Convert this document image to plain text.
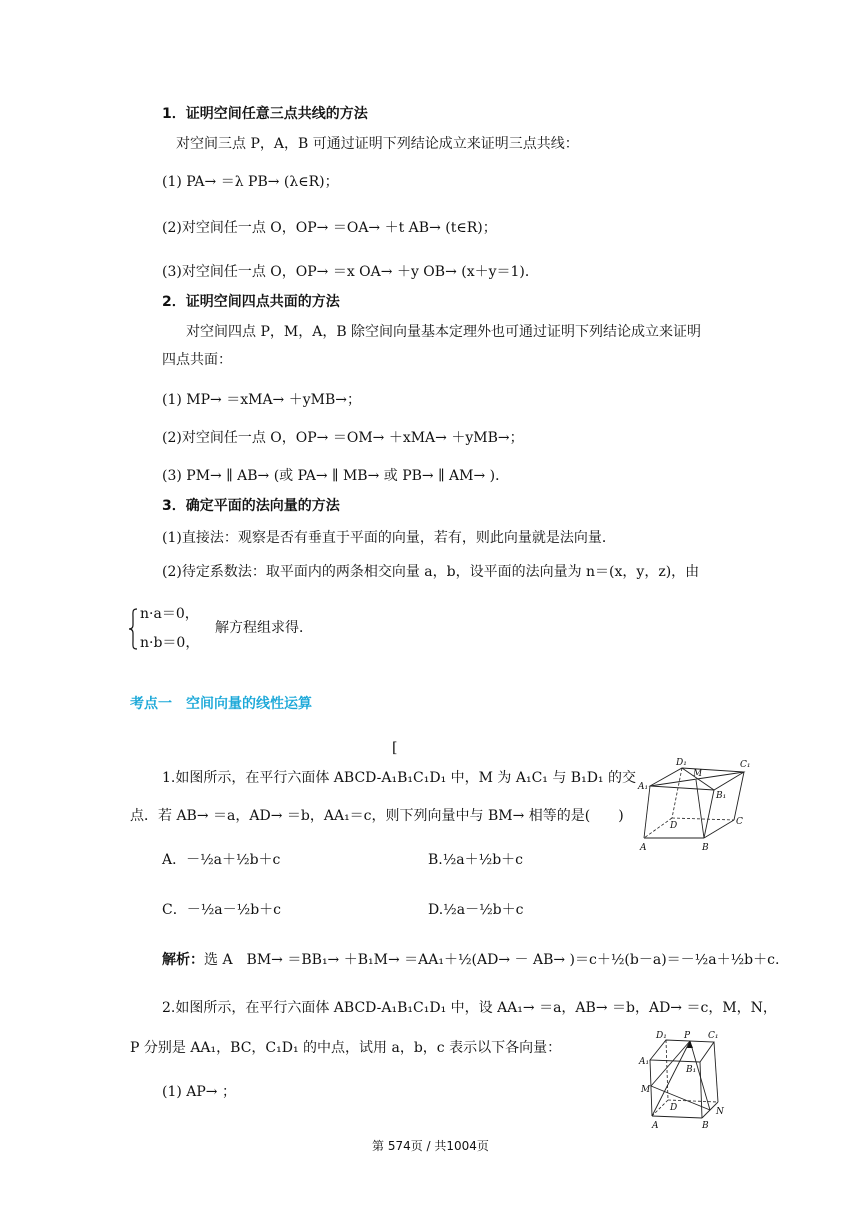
1．证明空间任意三点共线的方法
对空间三点 P，A，B 可通过证明下列结论成立来证明三点共线：
(1) PA→ ＝λ PB→ (λ∈R)；
(2)对空间任一点 O，OP→ ＝OA→ ＋t AB→ (t∈R)；
(3)对空间任一点 O，OP→ ＝x OA→ ＋y OB→ (x＋y＝1)．
2．证明空间四点共面的方法
对空间四点 P，M，A，B 除空间向量基本定理外也可通过证明下列结论成立来证明
四点共面：
(1) MP→ ＝xMA→ ＋yMB→；
(2)对空间任一点 O，OP→ ＝OM→ ＋xMA→ ＋yMB→；
(3) PM→ ∥ AB→ (或 PA→ ∥ MB→ 或 PB→ ∥ AM→ )．
3．确定平面的法向量的方法
(1)直接法：观察是否有垂直于平面的向量，若有，则此向量就是法向量．
(2)待定系数法：取平面内的两条相交向量 a，b，设平面的法向量为 n＝(x，y，z)，由
n·a＝0，
n·b＝0，
解方程组求得．
考点一　空间向量的线性运算
[
1.如图所示，在平行六面体 ABCD-A₁B₁C₁D₁ 中，M 为 A₁C₁ 与 B₁D₁ 的交
点．若 AB→ ＝a，AD→ ＝b，AA₁＝c，则下列向量中与 BM→ 相等的是(　　)
A．－½a＋½b＋c	B.½a＋½b＋c
C．－½a－½b＋c	D.½a－½b＋c
解析：选 A　BM→ ＝BB₁→ ＋B₁M→ ＝AA₁＋½(AD→ － AB→ )＝c＋½(b－a)＝－½a＋½b＋c.
2.如图所示，在平行六面体 ABCD-A₁B₁C₁D₁ 中，设 AA₁→ ＝a，AB→ ＝b，AD→ ＝c，M，N，
P 分别是 AA₁，BC，C₁D₁ 的中点，试用 a，b，c 表示以下各向量：
(1) AP→ ；
D₁
M
C₁
A₁
B₁
D	C
A	B
D₁ P C₁
A₁
B₁
M
D	N
A	B
第 574页 / 共1004页
